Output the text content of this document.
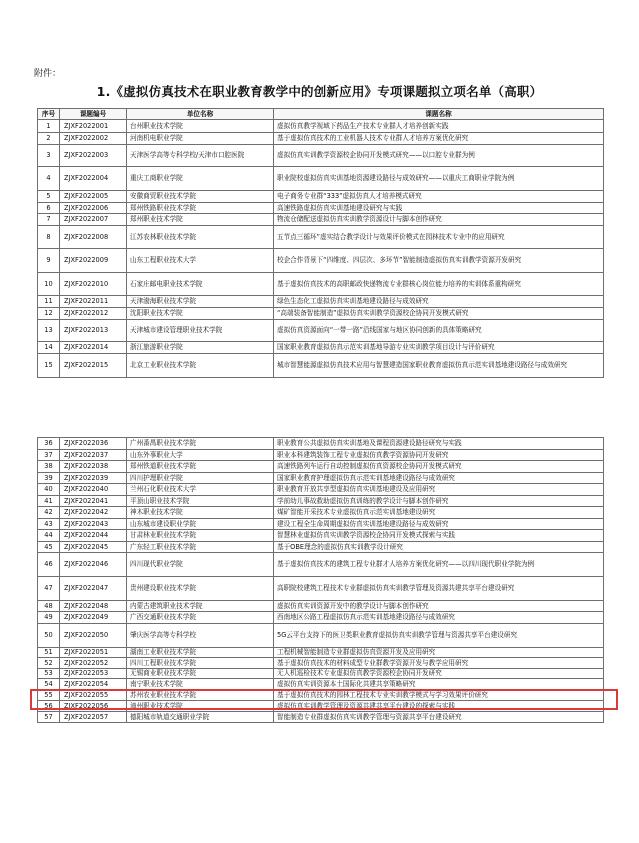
附件：
1.《虚拟仿真技术在职业教育教学中的创新应用》专项课题拟立项名单（高职）
序号	课题编号	单位名称	课题名称
1	ZJXF2022001	台州职业技术学院	虚拟仿真教学视域下药品生产技术专业群人才培养创新实践
2	ZJXF2022002	河南机电职业学院	基于虚拟仿真技术的工业机器人技术专业群人才培养方案优化研究
3	ZJXF2022003	天津医学高等专科学校/天津市口腔医院	虚拟仿真实训教学资源校企协同开发模式研究——以口腔专业群为例
4	ZJXF2022004	重庆工商职业学院	职业院校虚拟仿真实训基地资源建设路径与成效研究——以重庆工商职业学院为例
5	ZJXF2022005	安徽商贸职业技术学院	电子商务专业群“333”虚拟仿真人才培养模式研究
6	ZJXF2022006	郑州铁路职业技术学院	高速铁路虚拟仿真实训基地建设研究与实践
7	ZJXF2022007	郑州职业技术学院	物流仓储配送虚拟仿真实训教学资源设计与脚本创作研究
8	ZJXF2022008	江苏农林职业技术学院	五节点三循环”虚实结合教学设计与效果评价模式在园林技术专业中的应用研究
9	ZJXF2022009	山东工程职业技术大学	校企合作背景下“四维度、四层次、多环节”智能制造虚拟仿真实训教学资源开发研究
10	ZJXF2022010	石家庄邮电职业技术学院	基于虚拟仿真技术的高职邮政快递物流专业群核心岗位能力培养的实训体系重构研究
11	ZJXF2022011	天津渤海职业技术学院	绿色生态化工虚拟仿真实训基地建设路径与成效研究
12	ZJXF2022012	沈阳职业技术学院	“高端装备智能制造”虚拟仿真实训教学资源校企协同开发模式研究
13	ZJXF2022013	天津城市建设管理职业技术学院	虚拟仿真资源面向“一带一路”沿线国家与地区协同创新的具体策略研究
14	ZJXF2022014	浙江旅游职业学院	国家职业教育虚拟仿真示范实训基地导游专业实训教学项目设计与评价研究
15	ZJXF2022015	北京工业职业技术学院	城市智慧能源虚拟仿真技术应用与智慧建造国家职业教育虚拟仿真示范实训基地建设路径与成效研究
36	ZJXF2022036	广州番禺职业技术学院	职业教育公共虚拟仿真实训基地及课程资源建设路径研究与实践
37	ZJXF2022037	山东外事职业大学	职业本科建筑装饰工程专业虚拟仿真教学资源协同开发研究
38	ZJXF2022038	郑州铁道职业技术学院	高速铁路列车运行自动控制虚拟仿真资源校企协同开发模式研究
39	ZJXF2022039	四川护理职业学院	国家职业教育护理虚拟仿真示范实训基地建设路径与成效研究
40	ZJXF2022040	兰州石化职业技术大学	职业教育开放共享型虚拟仿真实训基地建设及应用研究
41	ZJXF2022041	平顶山职业技术学院	学前幼儿事故救助虚拟仿真训练的教学设计与脚本创作研究
42	ZJXF2022042	神木职业技术学院	煤矿智能开采技术专业虚拟仿真示范实训基地建设研究
43	ZJXF2022043	山东城市建设职业学院	建设工程全生命周期虚拟仿真实训基地建设路径与成效研究
44	ZJXF2022044	甘肃林业职业技术学院	智慧林业虚拟仿真实训教学资源校企协同开发模式探索与实践
45	ZJXF2022045	广东轻工职业技术学院	基于OBE理念的虚拟仿真实训教学设计研究
46	ZJXF2022046	四川现代职业学院	基于虚拟仿真技术的建筑工程专业群才人培养方案优化研究——以四川现代职业学院为例
47	ZJXF2022047	贵州建设职业技术学院	高职院校建筑工程技术专业群虚拟仿真实训教学管理及资源共建共享平台建设研究
48	ZJXF2022048	内蒙古建筑职业技术学院	虚拟仿真实训资源开发中的教学设计与脚本创作研究
49	ZJXF2022049	广西交通职业技术学院	西南地区公路工程虚拟仿真示范实训基地建设路径与成效研究
50	ZJXF2022050	肇庆医学高等专科学校	5G云平台支持下的医卫类职业教育虚拟仿真实训教学管理与资源共享平台建设研究
51	ZJXF2022051	湖南工业职业技术学院	工程机械智能制造专业群虚拟仿真资源开发及应用研究
52	ZJXF2022052	四川工程职业技术学院	基于虚拟仿真技术的材料成型专业群教学资源开发与教学应用研究
53	ZJXF2022053	无锡商业职业技术学院	无人机巡检技术专业虚拟仿真教学资源校企协同开发研究
54	ZJXF2022054	南宁职业技术学院	虚拟仿真实训资源本土国际化共建共享策略研究
55	ZJXF2022055	苏州农业职业技术学院	基于虚拟仿真技术的园林工程技术专业实训教学模式与学习效果评价研究
56	ZJXF2022056	漳州职业技术学院	虚拟仿真实训教学管理及资源共建共享平台建设的探索与实践
57	ZJXF2022057	德阳城市轨道交通职业学院	智能制造专业群虚拟仿真实训教学管理与资源共享平台建设研究
